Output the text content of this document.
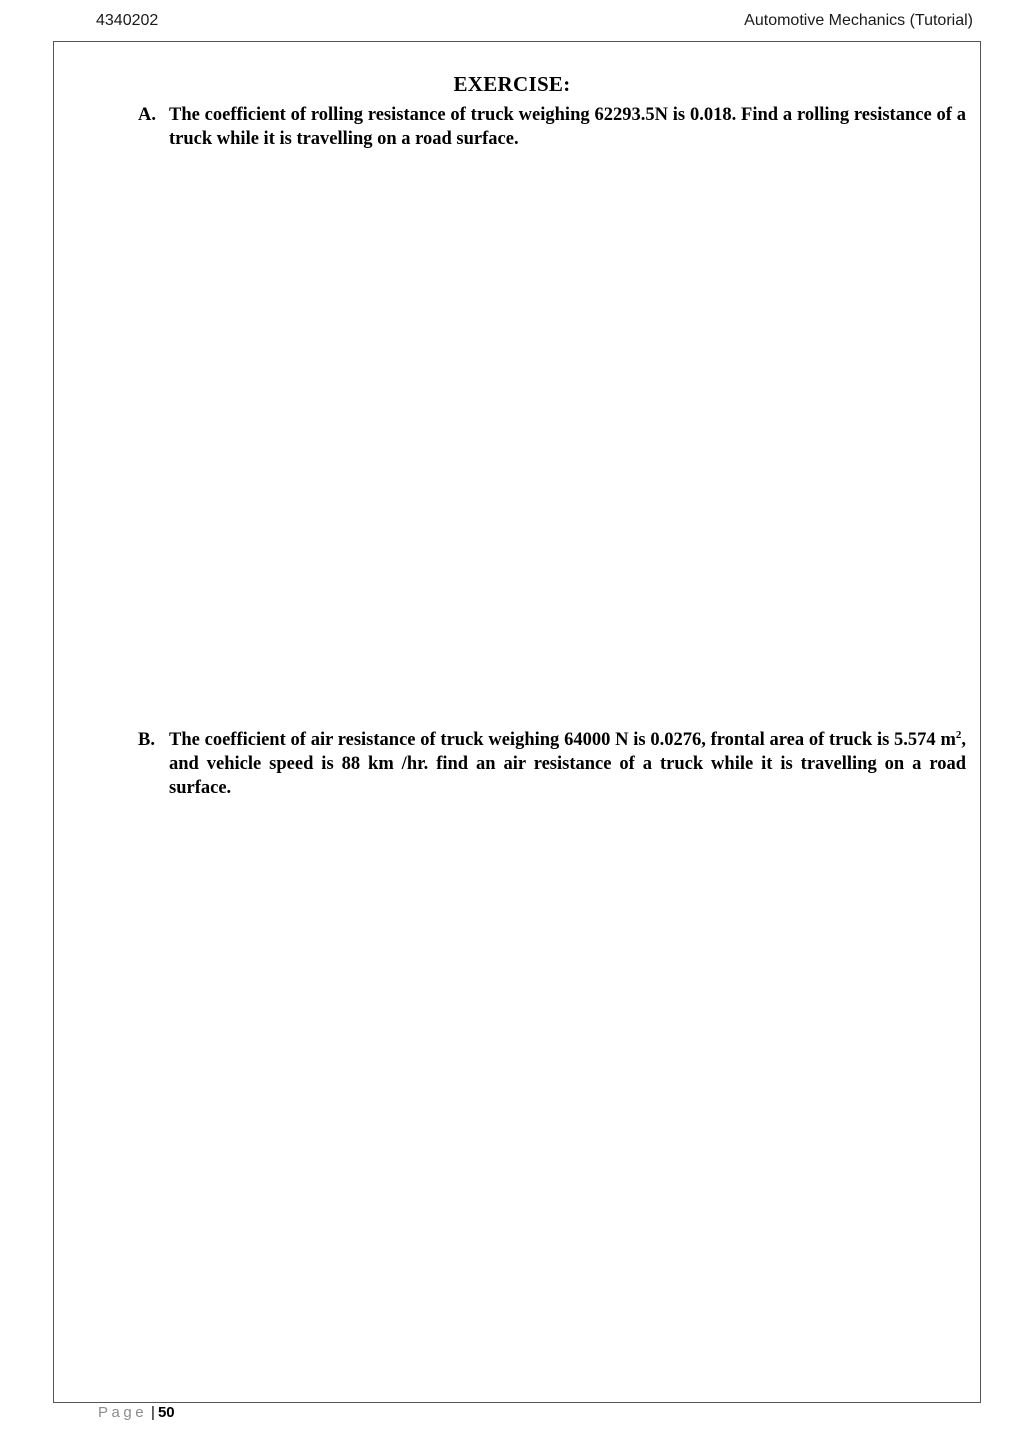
4340202	Automotive Mechanics (Tutorial)
EXERCISE:
A. The coefficient of rolling resistance of truck weighing 62293.5N is 0.018. Find a rolling resistance of a truck while it is travelling on a road surface.
B. The coefficient of air resistance of truck weighing 64000 N is 0.0276, frontal area of truck is 5.574 $m^2$, and vehicle speed is 88 km /hr. find an air resistance of a truck while it is travelling on a road surface.
Page | 50
